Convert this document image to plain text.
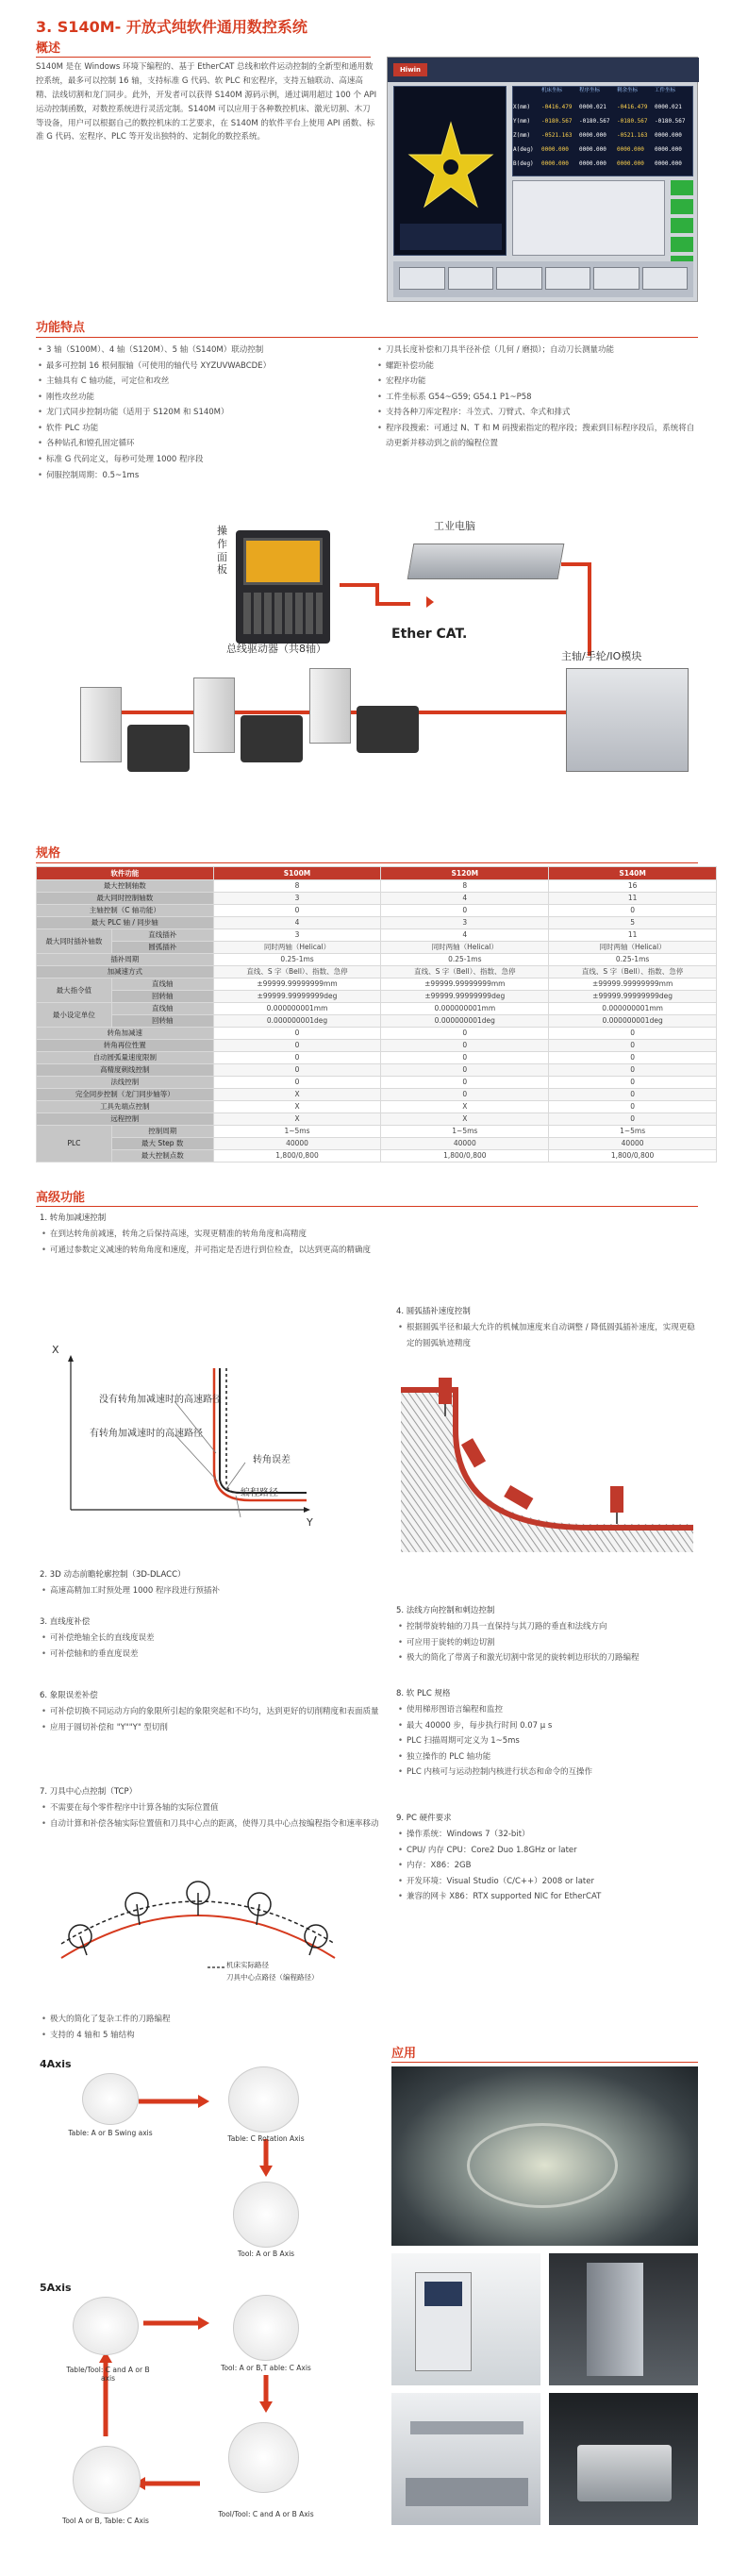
3. S140M- 开放式纯软件通用数控系统
概述
S140M 是在 Windows 环境下编程的、基于 EtherCAT 总线和软件运动控制的全新型和通用数控系统，最多可以控制 16 轴，支持标准 G 代码、软 PLC 和宏程序，支持五轴联动、高速高精、法线切割和龙门同步。此外，开发者可以获得 S140M 源码示例，通过调用超过 100 个 API 运动控制函数，对数控系统进行灵活定制。S140M 可以应用于各种数控机床、激光切割、木刀等设备，用户可以根据自己的数控机床的工艺要求，在 S140M 的软件平台上使用 API 函数、标准 G 代码、宏程序、PLC 等开发出独特的、定制化的数控系统。
Hiwin
机床坐标	程序坐标	剩余坐标	工件坐标
X(mm)	-0416.479	0000.021	-0416.479	0000.021
Y(mm)	-0180.567	-0180.567	-0180.567	-0180.567
Z(mm)	-0521.163	0000.000	-0521.163	0000.000
A(deg)	0000.000	0000.000	0000.000	0000.000
B(deg)	0000.000	0000.000	0000.000	0000.000
功能特点
• 3 轴（S100M）、4 轴（S120M）、5 轴（S140M）联动控制
• 最多可控制 16 根伺服轴（可使用的轴代号 XYZUVWABCDE）
• 主轴具有 C 轴功能，可定位和攻丝
• 刚性攻丝功能
• 龙门式同步控制功能（适用于 S120M 和 S140M）
• 软件 PLC 功能
• 各种钻孔和镗孔固定循环
• 标准 G 代码定义，每秒可处理 1000 程序段
• 伺服控制周期：0.5~1ms
• 刀具长度补偿和刀具半径补偿（几何 / 磨损）；自动刀长测量功能
• 螺距补偿功能
• 宏程序功能
• 工件坐标系 G54~G59; G54.1 P1~P58
• 支持各种刀库定程序：斗笠式、刀臂式、伞式和排式
• 程序段搜索：可通过 N、T 和 M 码搜索指定的程序段；搜索到目标程序段后，系统将自动更新并移动到之前的编程位置
操作面板
工业电脑
Ether CAT.
主轴/手轮/IO模块
总线驱动器（共8轴）
规格
软件功能		S100M	S120M	S140M
最大控制轴数		8	8	16
最大同时控制轴数		3	4	11
主轴控制（C 轴功能）		0	0	0
最大 PLC 轴 / 同步轴		4	3	5
最大同时插补轴数	直线插补	3	4	11
	圆弧插补	同时两轴（Helical）	同时两轴（Helical）	同时两轴（Helical）
插补周期		0.25-1ms	0.25-1ms	0.25-1ms
加减速方式		直线、S 字（Bell）、指数、急停	直线、S 字（Bell）、指数、急停	直线、S 字（Bell）、指数、急停
最大指令值	直线轴	±99999.99999999mm	±99999.99999999mm	±99999.99999999mm
	回转轴	±99999.99999999deg	±99999.99999999deg	±99999.99999999deg
最小设定单位	直线轴	0.000000001mm	0.000000001mm	0.000000001mm
	回转轴	0.000000001deg	0.000000001deg	0.000000001deg
转角加减速		0	0	0
转角再位性置		0	0	0
自动圆弧量速度限制		0	0	0
高精度刺线控制		0	0	0
法线控制		0	0	0
完全同步控制（龙门同步轴等）		X	0	0
工具先端点控制		X	X	0
远程控制		X	X	0
PLC	控制周期	1~5ms	1~5ms	1~5ms
	最大 Step 数	40000	40000	40000
	最大控制点数	1,800/0,800	1,800/0,800	1,800/0,800
高级功能
1. 转角加减速控制
• 在到达转角前减速，转角之后保持高速，实现更精准的转角角度和高精度
• 可通过参数定义减速的转角角度和速度，并可指定是否进行到位检查，以达到更高的精确度
X
Y
没有转角加减速时的高速路径
有转角加减速时的高速路径
转角误差
编程路径
4. 圆弧插补速度控制
• 根据圆弧半径和最大允许的机械加速度来自动调整 / 降低圆弧插补速度，实现更稳定的圆弧轨迹精度
2. 3D 动态前瞻轮廓控制（3D-DLACC）
• 高速高精加工时预处理 1000 程序段进行预插补
3. 直线度补偿
• 可补偿绝轴全长的直线度误差
• 可补偿轴和的垂直度误差
5. 法线方向控制和刺边控制
• 控制带旋转轴的刀具一直保持与其刀路的垂直和法线方向
• 可应用于旋转的刺边切割
• 极大的简化了带离子和激光切割中常见的旋转刺边形状的刀路编程
6. 象限误差补偿
• 可补偿切换不同运动方向的象限所引起的象限突起和不均匀，达到更好的切削精度和表面质量
• 应用于圆切补偿和 "Y""Y" 型切削
8. 软 PLC 规格
• 使用梯形图语言编程和监控
• 最大 40000 步，每步执行时间 0.07 μ s
• PLC 扫描周期可定义为 1~5ms
• 独立操作的 PLC 轴功能
• PLC 内核可与运动控制内核进行状态和命令的互操作
7. 刀具中心点控制（TCP）
• 不需要在每个零件程序中计算各轴的实际位置值
• 自动计算和补偿各轴实际位置值和刀具中心点的距离，使得刀具中心点按编程指令和速率移动
9. PC 硬件要求
• 操作系统：Windows 7（32-bit）
• CPU/ 内存 CPU：Core2 Duo 1.8GHz or later
• 内存：X86：2GB
• 开发环境：Visual Studio（C/C++）2008 or later
• 兼容的网卡 X86：RTX supported NIC for EtherCAT
机床实际路径
刀具中心点路径（编程路径）
• 极大的简化了复杂工件的刀路编程
• 支持的 4 轴和 5 轴结构
4Axis
Table: A or B Swing axis
Table: C Rotation Axis
Tool: A or B Axis
5Axis
Table/Tool: C and A or B axis
Tool: A or B,T able: C Axis
Tool A or B, Table: C Axis
Tool/Tool: C and A or B Axis
应用
